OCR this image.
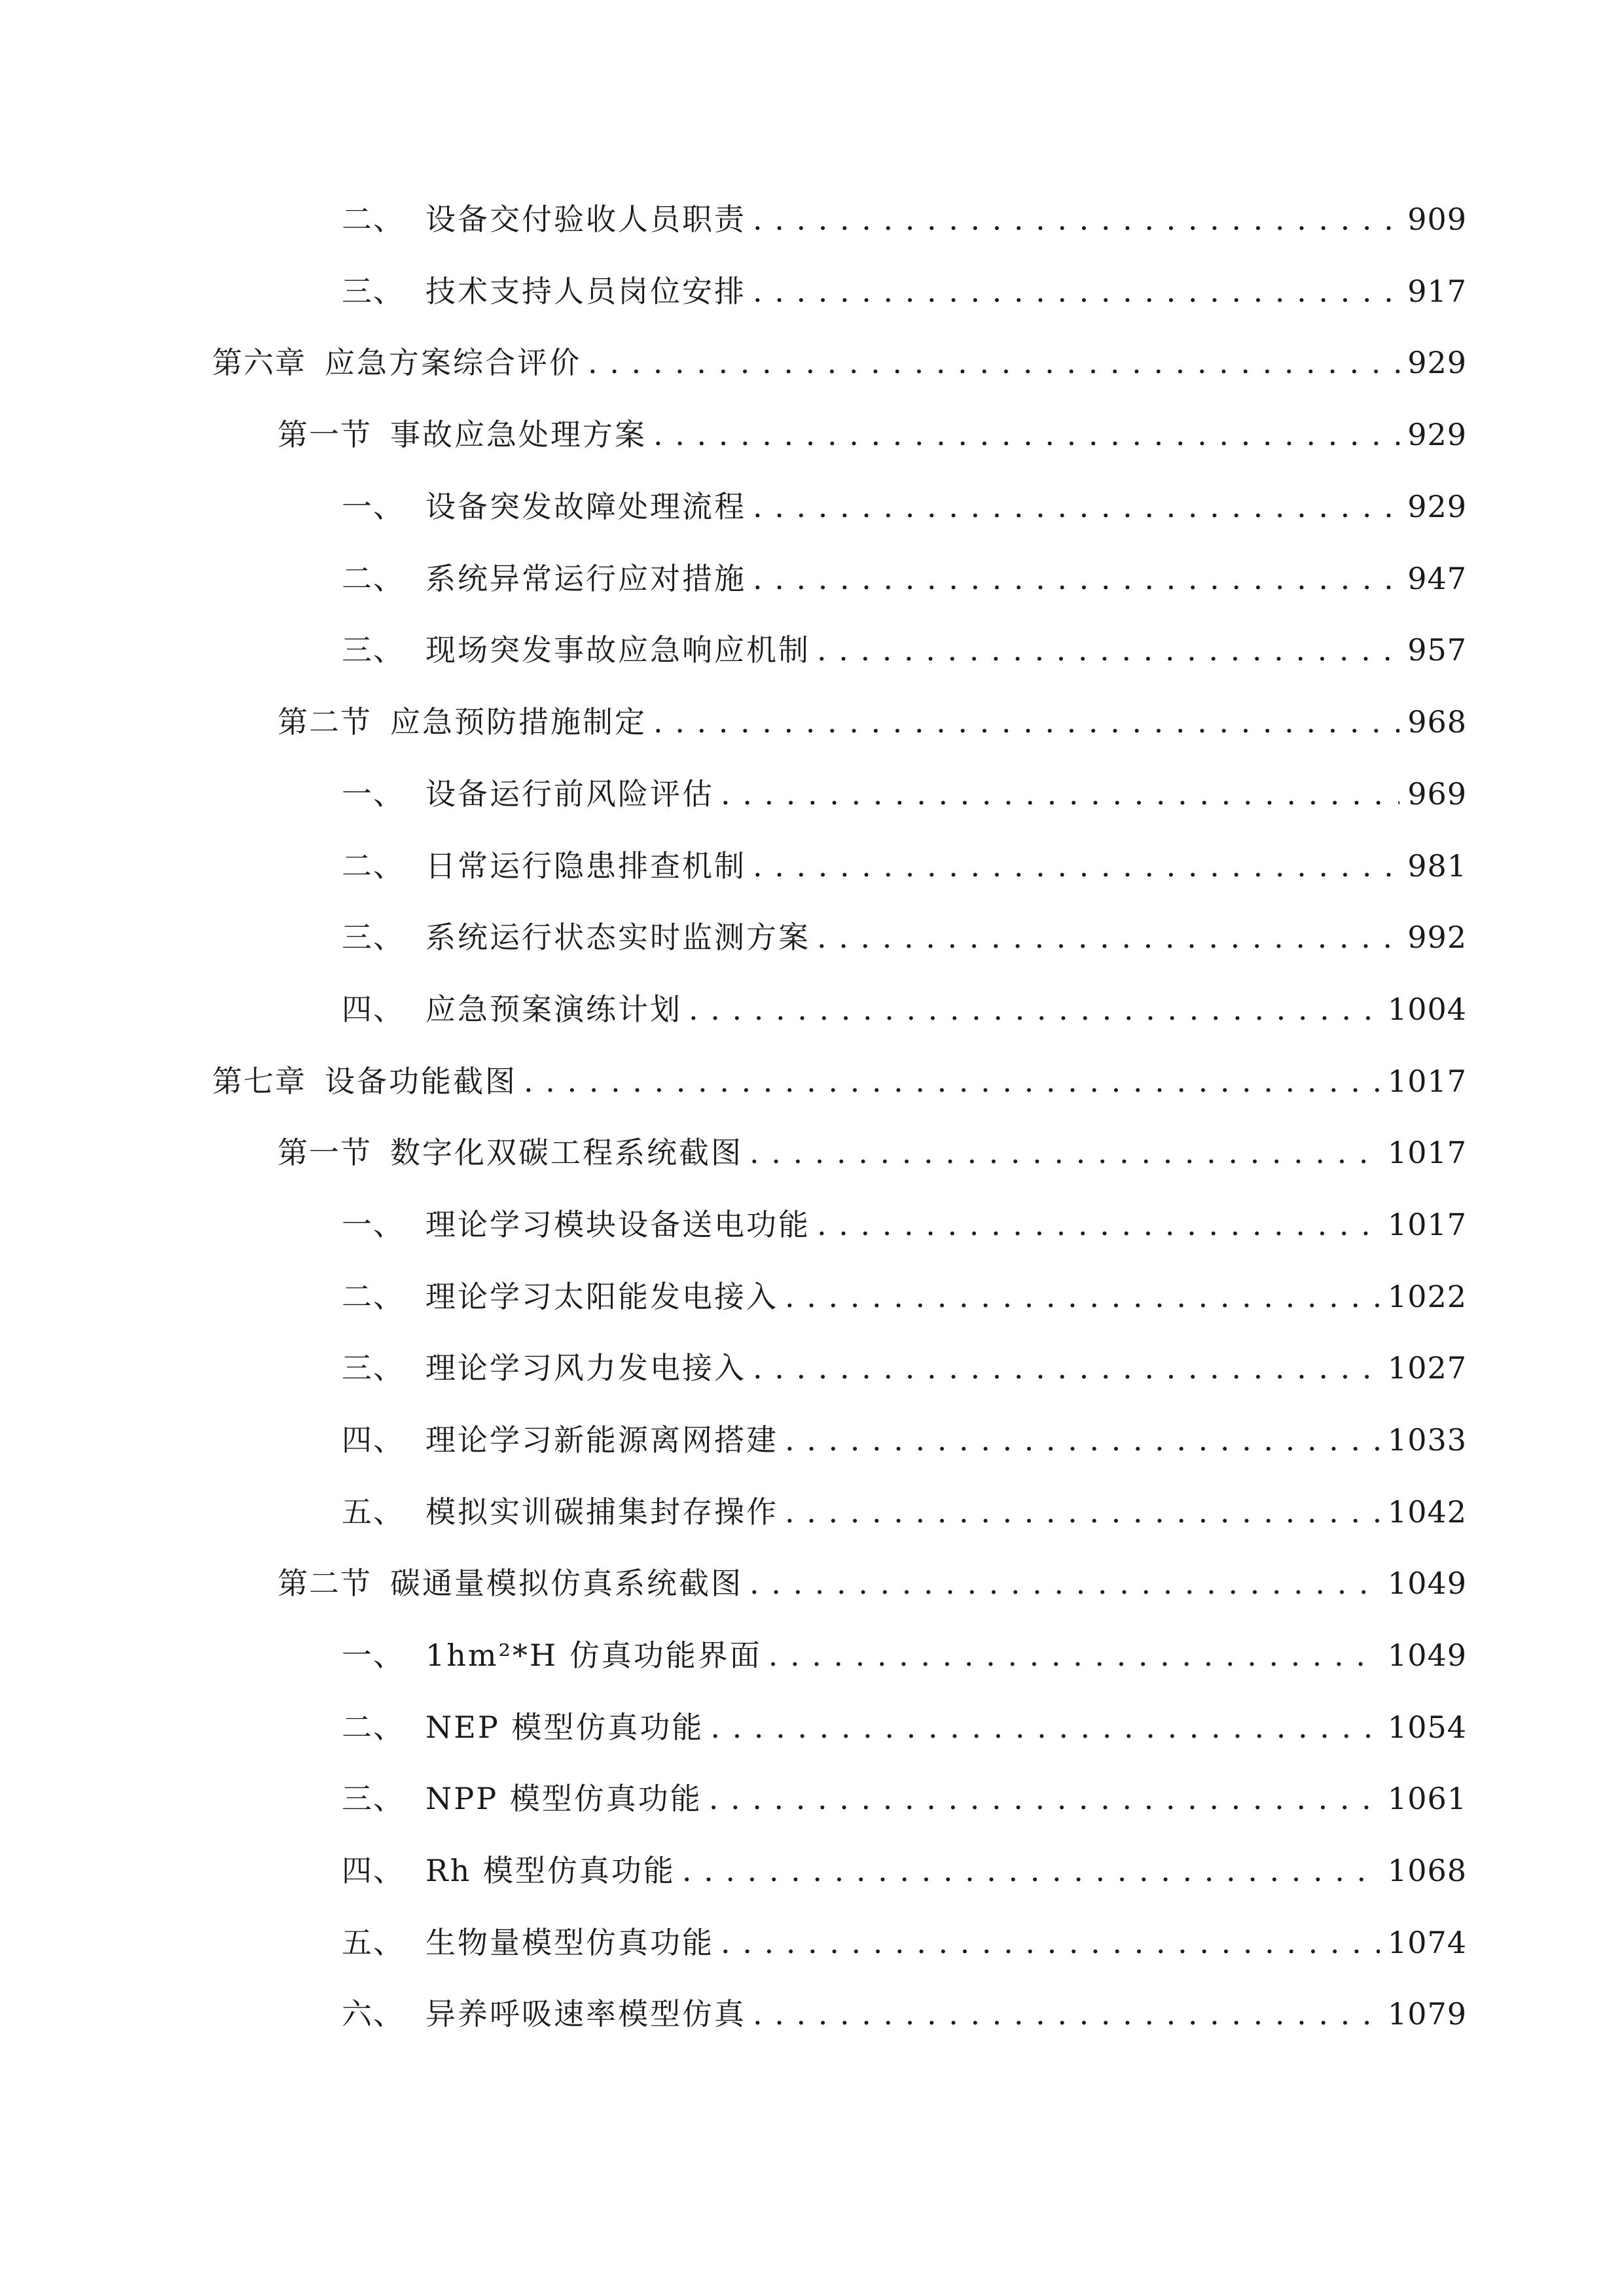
二、 设备交付验收人员职责 . . .	909
三、 技术支持人员岗位安排 . . .	917
第六章 应急方案综合评价 . . .	929
第一节 事故应急处理方案 . . .	929
一、 设备突发故障处理流程 . . .	929
二、 系统异常运行应对措施 . . .	947
三、 现场突发事故应急响应机制 . . .	957
第二节 应急预防措施制定 . . .	968
一、 设备运行前风险评估 . . .	969
二、 日常运行隐患排查机制 . . .	981
三、 系统运行状态实时监测方案 . . .	992
四、 应急预案演练计划 . . .	1004
第七章 设备功能截图 . . .	1017
第一节 数字化双碳工程系统截图 . . .	1017
一、 理论学习模块设备送电功能 . . .	1017
二、 理论学习太阳能发电接入 . . .	1022
三、 理论学习风力发电接入 . . .	1027
四、 理论学习新能源离网搭建 . . .	1033
五、 模拟实训碳捕集封存操作 . . .	1042
第二节 碳通量模拟仿真系统截图 . . .	1049
一、 1hm²*H 仿真功能界面 . . .	1049
二、 NEP 模型仿真功能 . . .	1054
三、 NPP 模型仿真功能 . . .	1061
四、 Rh 模型仿真功能 . . .	1068
五、 生物量模型仿真功能 . . .	1074
六、 异养呼吸速率模型仿真 . . .	1079
